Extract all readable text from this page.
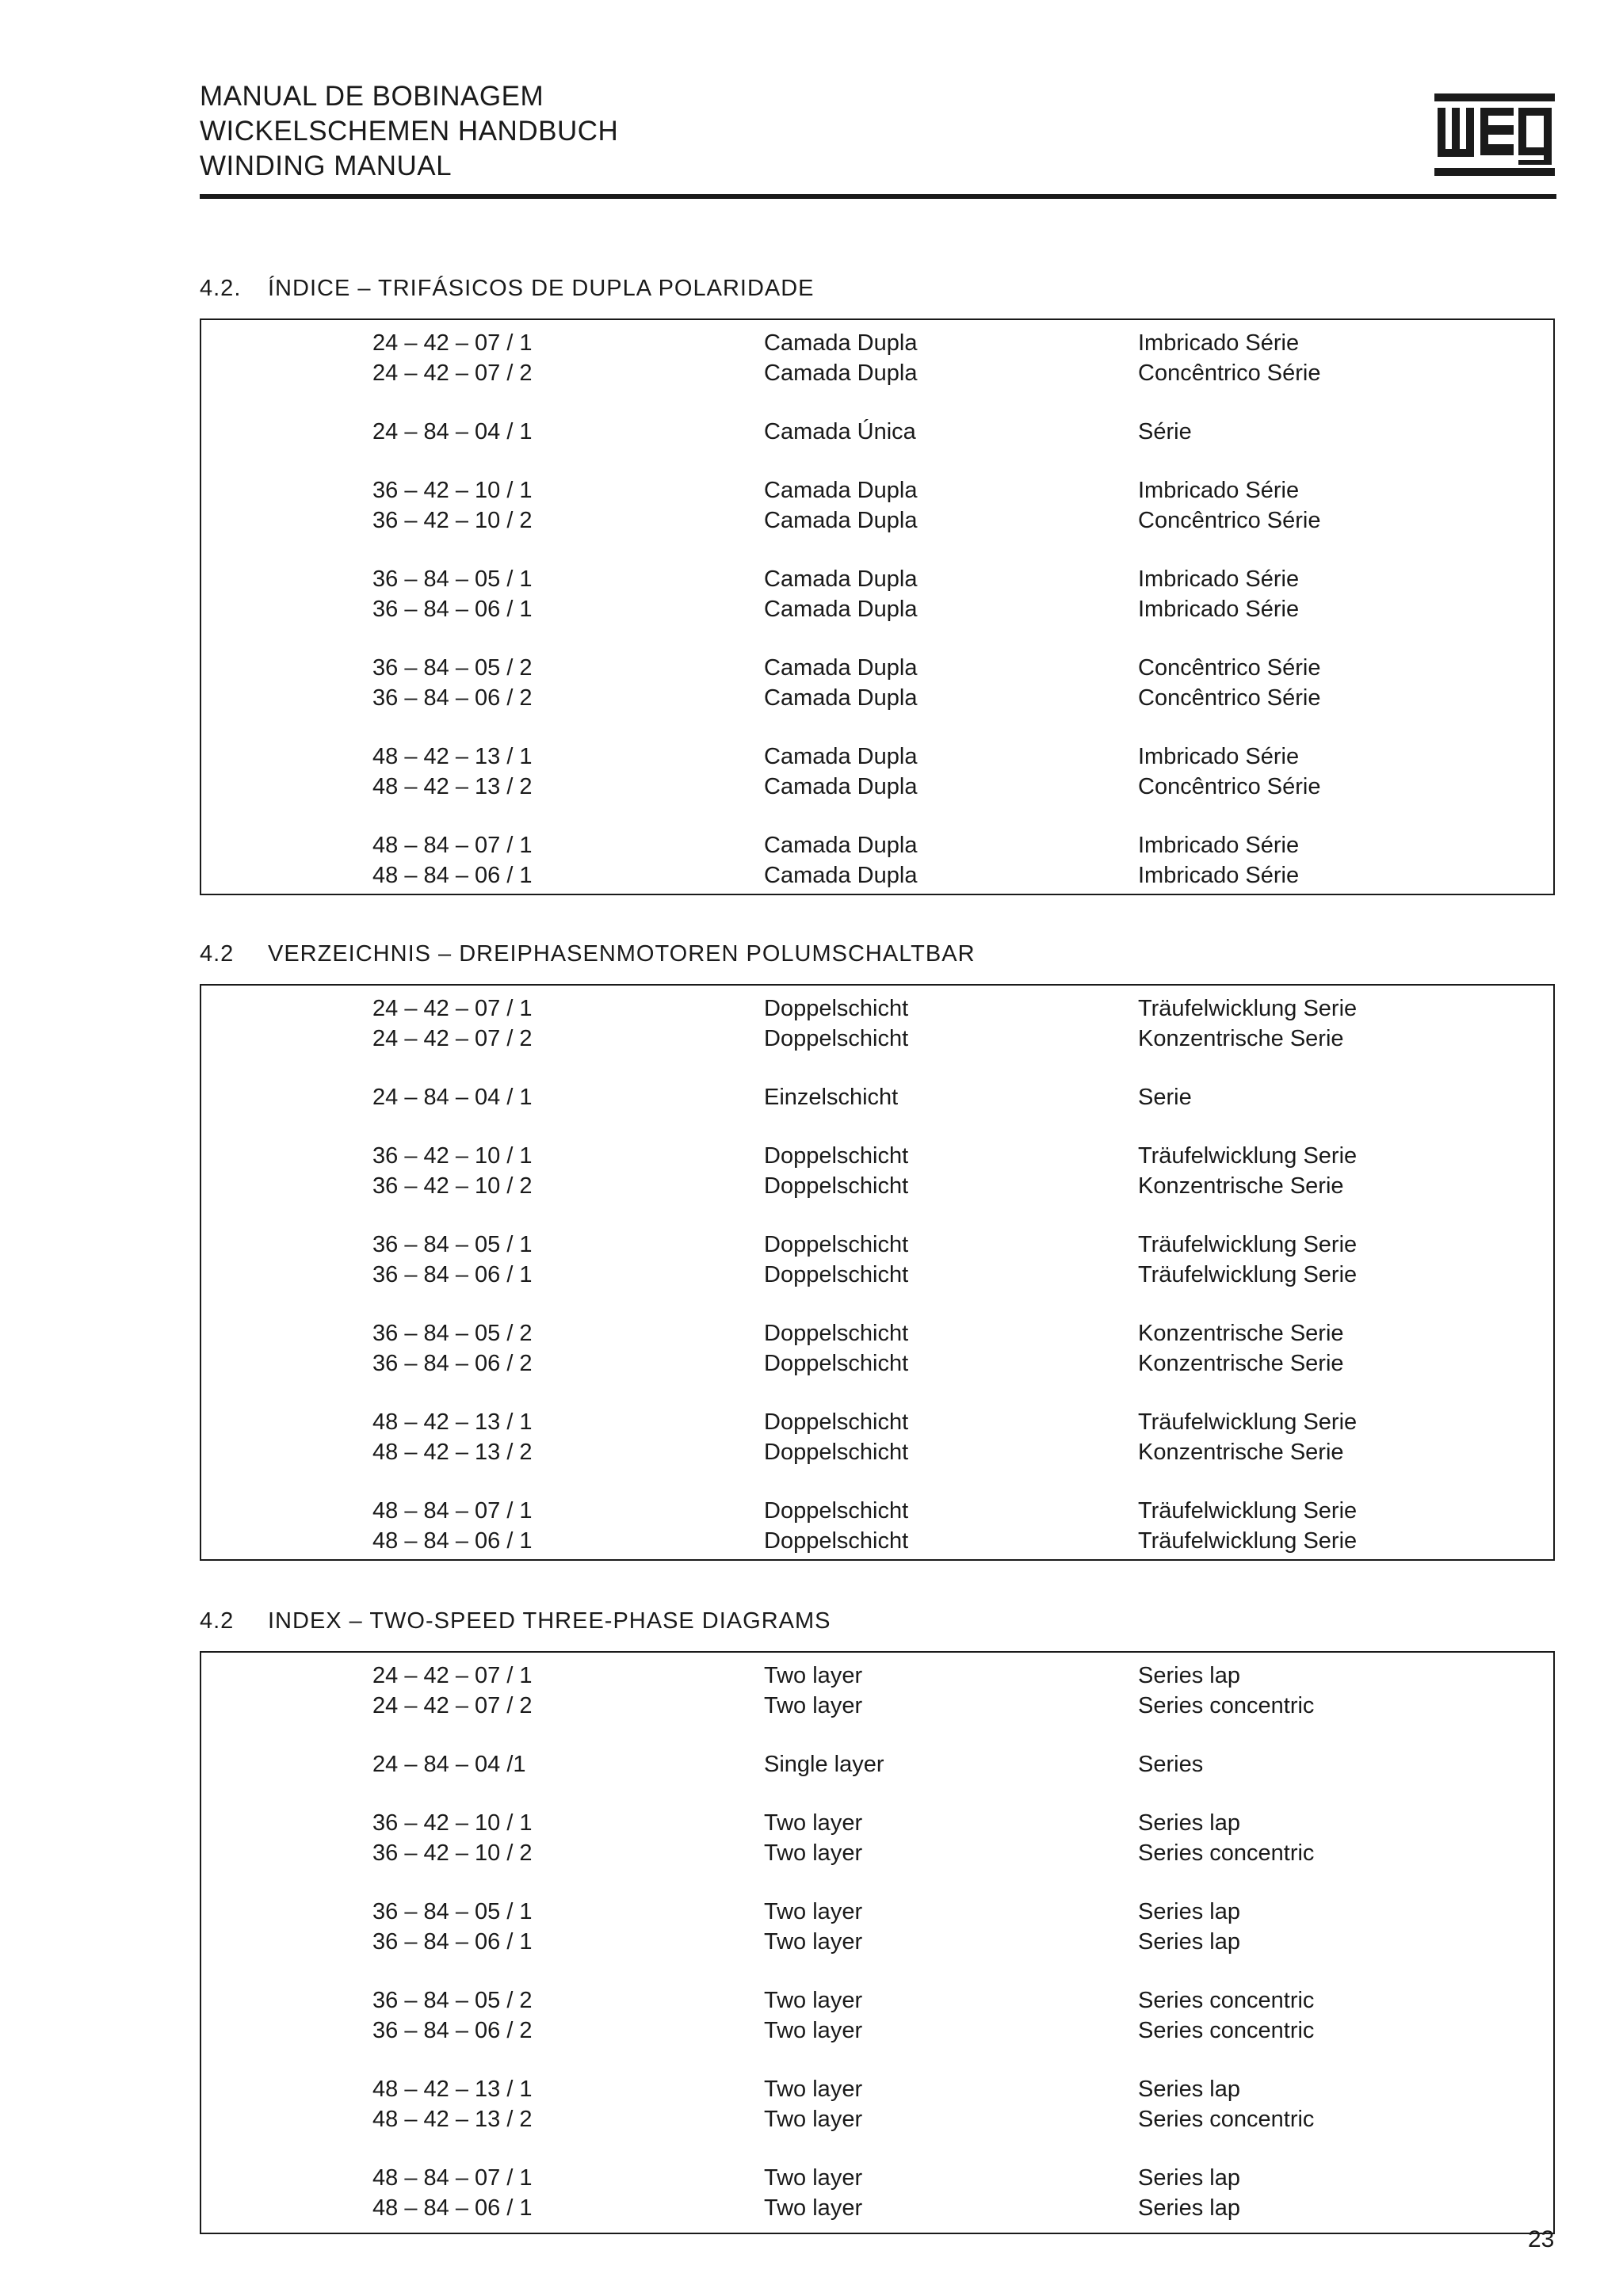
MANUAL DE BOBINAGEM
WICKELSCHEMEN HANDBUCH
WINDING MANUAL
4.2. ÍNDICE – TRIFÁSICOS DE DUPLA POLARIDADE
24 – 42 – 07 / 1	Camada Dupla	Imbricado Série
24 – 42 – 07 / 2	Camada Dupla	Concêntrico Série
24 – 84 – 04 / 1	Camada Única	Série
36 – 42 – 10 / 1	Camada Dupla	Imbricado Série
36 – 42 – 10 / 2	Camada Dupla	Concêntrico Série
36 – 84 – 05 / 1	Camada Dupla	Imbricado Série
36 – 84 – 06 / 1	Camada Dupla	Imbricado Série
36 – 84 – 05 / 2	Camada Dupla	Concêntrico Série
36 – 84 – 06 / 2	Camada Dupla	Concêntrico Série
48 – 42 – 13 / 1	Camada Dupla	Imbricado Série
48 – 42 – 13 / 2	Camada Dupla	Concêntrico Série
48 – 84 – 07 / 1	Camada Dupla	Imbricado Série
48 – 84 – 06 / 1	Camada Dupla	Imbricado Série
4.2 VERZEICHNIS – DREIPHASENMOTOREN POLUMSCHALTBAR
24 – 42 – 07 / 1	Doppelschicht	Träufelwicklung Serie
24 – 42 – 07 / 2	Doppelschicht	Konzentrische Serie
24 – 84 – 04 / 1	Einzelschicht	Serie
36 – 42 – 10 / 1	Doppelschicht	Träufelwicklung Serie
36 – 42 – 10 / 2	Doppelschicht	Konzentrische Serie
36 – 84 – 05 / 1	Doppelschicht	Träufelwicklung Serie
36 – 84 – 06 / 1	Doppelschicht	Träufelwicklung Serie
36 – 84 – 05 / 2	Doppelschicht	Konzentrische Serie
36 – 84 – 06 / 2	Doppelschicht	Konzentrische Serie
48 – 42 – 13 / 1	Doppelschicht	Träufelwicklung Serie
48 – 42 – 13 / 2	Doppelschicht	Konzentrische Serie
48 – 84 – 07 / 1	Doppelschicht	Träufelwicklung Serie
48 – 84 – 06 / 1	Doppelschicht	Träufelwicklung Serie
4.2 INDEX – TWO-SPEED THREE-PHASE DIAGRAMS
24 – 42 – 07 / 1	Two layer	Series lap
24 – 42 – 07 / 2	Two layer	Series concentric
24 – 84 – 04 /1	Single layer	Series
36 – 42 – 10 / 1	Two layer	Series lap
36 – 42 – 10 / 2	Two layer	Series concentric
36 – 84 – 05 / 1	Two layer	Series lap
36 – 84 – 06 / 1	Two layer	Series lap
36 – 84 – 05 / 2	Two layer	Series concentric
36 – 84 – 06 / 2	Two layer	Series concentric
48 – 42 – 13 / 1	Two layer	Series lap
48 – 42 – 13 / 2	Two layer	Series concentric
48 – 84 – 07 / 1	Two layer	Series lap
48 – 84 – 06 / 1	Two layer	Series lap
23
